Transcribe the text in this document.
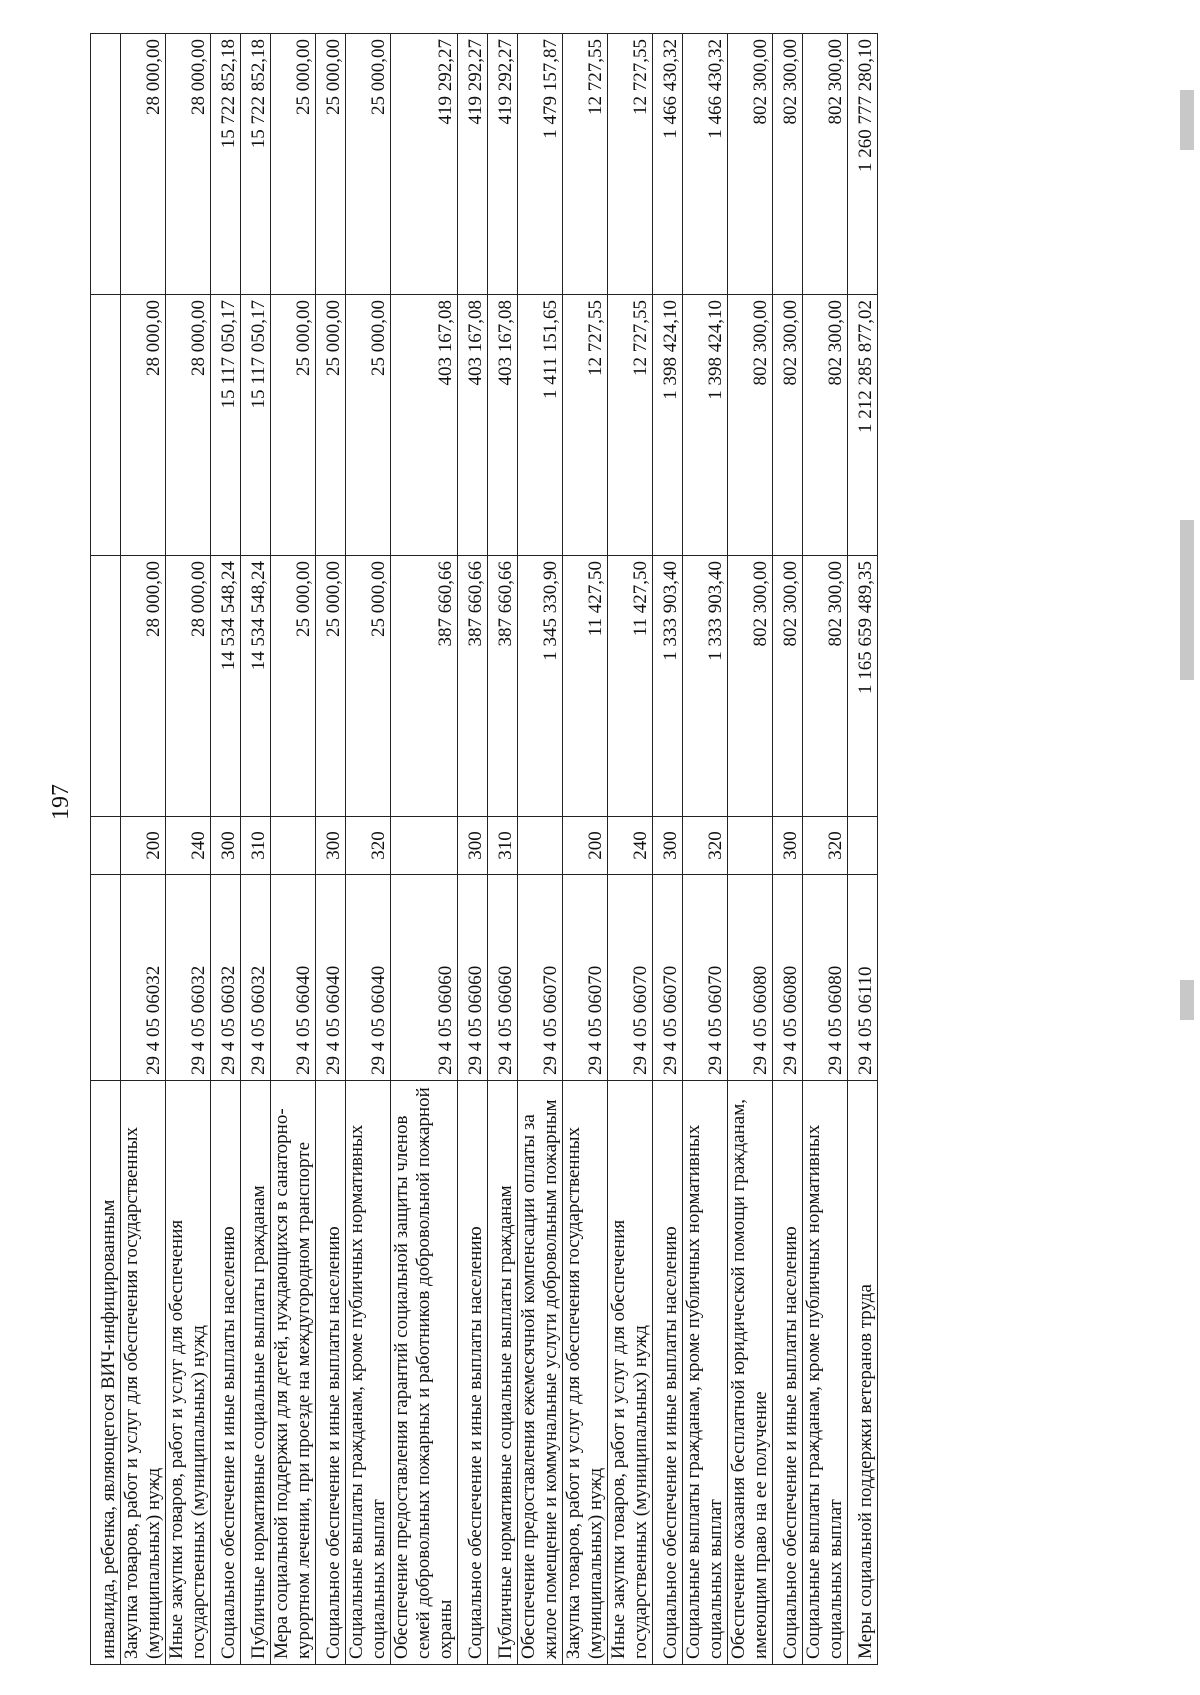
197
инвалида, ребенка, являющегося ВИЧ-инфицированным					
Закупка товаров, работ и услуг для обеспечения государственных (муниципальных) нужд	29 4 05 06032	200	28 000,00	28 000,00	28 000,00
Иные закупки товаров, работ и услуг для обеспечения государственных (муниципальных) нужд	29 4 05 06032	240	28 000,00	28 000,00	28 000,00
Социальное обеспечение и иные выплаты населению	29 4 05 06032	300	14 534 548,24	15 117 050,17	15 722 852,18
Публичные нормативные социальные выплаты гражданам	29 4 05 06032	310	14 534 548,24	15 117 050,17	15 722 852,18
Мера социальной поддержки для детей, нуждающихся в санаторно-курортном лечении, при проезде на междугородном транспорте	29 4 05 06040		25 000,00	25 000,00	25 000,00
Социальное обеспечение и иные выплаты населению	29 4 05 06040	300	25 000,00	25 000,00	25 000,00
Социальные выплаты гражданам, кроме публичных нормативных социальных выплат	29 4 05 06040	320	25 000,00	25 000,00	25 000,00
Обеспечение предоставления гарантий социальной защиты членов семей добровольных пожарных и работников добровольной пожарной охраны	29 4 05 06060		387 660,66	403 167,08	419 292,27
Социальное обеспечение и иные выплаты населению	29 4 05 06060	300	387 660,66	403 167,08	419 292,27
Публичные нормативные социальные выплаты гражданам	29 4 05 06060	310	387 660,66	403 167,08	419 292,27
Обеспечение предоставления ежемесячной компенсации оплаты за жилое помещение и коммунальные услуги добровольным пожарным	29 4 05 06070		1 345 330,90	1 411 151,65	1 479 157,87
Закупка товаров, работ и услуг для обеспечения государственных (муниципальных) нужд	29 4 05 06070	200	11 427,50	12 727,55	12 727,55
Иные закупки товаров, работ и услуг для обеспечения государственных (муниципальных) нужд	29 4 05 06070	240	11 427,50	12 727,55	12 727,55
Социальное обеспечение и иные выплаты населению	29 4 05 06070	300	1 333 903,40	1 398 424,10	1 466 430,32
Социальные выплаты гражданам, кроме публичных нормативных социальных выплат	29 4 05 06070	320	1 333 903,40	1 398 424,10	1 466 430,32
Обеспечение оказания бесплатной юридической помощи гражданам, имеющим право на ее получение	29 4 05 06080		802 300,00	802 300,00	802 300,00
Социальное обеспечение и иные выплаты населению	29 4 05 06080	300	802 300,00	802 300,00	802 300,00
Социальные выплаты гражданам, кроме публичных нормативных социальных выплат	29 4 05 06080	320	802 300,00	802 300,00	802 300,00
Меры социальной поддержки ветеранов труда	29 4 05 06110		1 165 659 489,35	1 212 285 877,02	1 260 777 280,10
